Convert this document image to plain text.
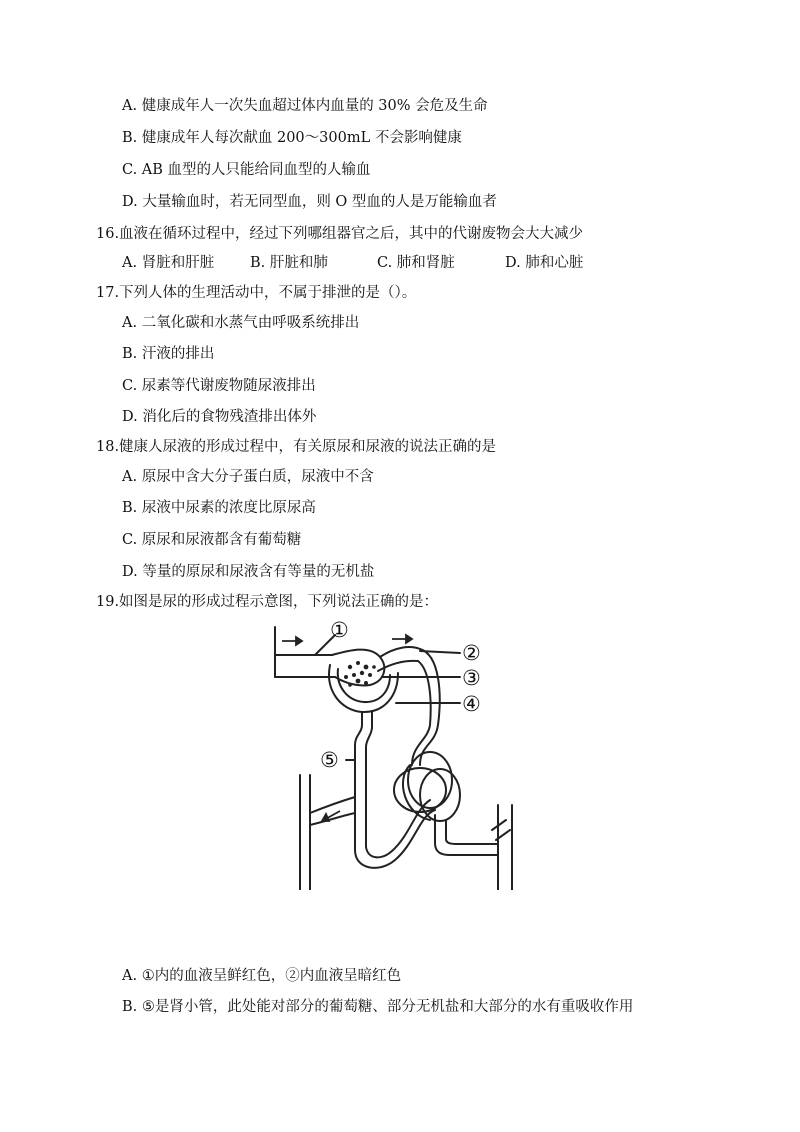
A. 健康成年人一次失血超过体内血量的 30% 会危及生命
B. 健康成年人每次献血 200～300mL 不会影响健康
C. AB 血型的人只能给同血型的人输血
D. 大量输血时，若无同型血，则 O 型血的人是万能输血者
16.血液在循环过程中，经过下列哪组器官之后，其中的代谢废物会大大减少
A. 肾脏和肝脏 B. 肝脏和肺	C. 肺和肾脏	D. 肺和心脏
17.下列人体的生理活动中，不属于排泄的是（）。
A. 二氧化碳和水蒸气由呼吸系统排出
B. 汗液的排出
C. 尿素等代谢废物随尿液排出
D. 消化后的食物残渣排出体外
18.健康人尿液的形成过程中，有关原尿和尿液的说法正确的是
A. 原尿中含大分子蛋白质，尿液中不含
B. 尿液中尿素的浓度比原尿高
C. 原尿和尿液都含有葡萄糖
D. 等量的原尿和尿液含有等量的无机盐
19.如图是尿的形成过程示意图，下列说法正确的是：
①
②
③
④
⑤
A. ①内的血液呈鲜红色，②内血液呈暗红色
B. ⑤是肾小管，此处能对部分的葡萄糖、部分无机盐和大部分的水有重吸收作用
